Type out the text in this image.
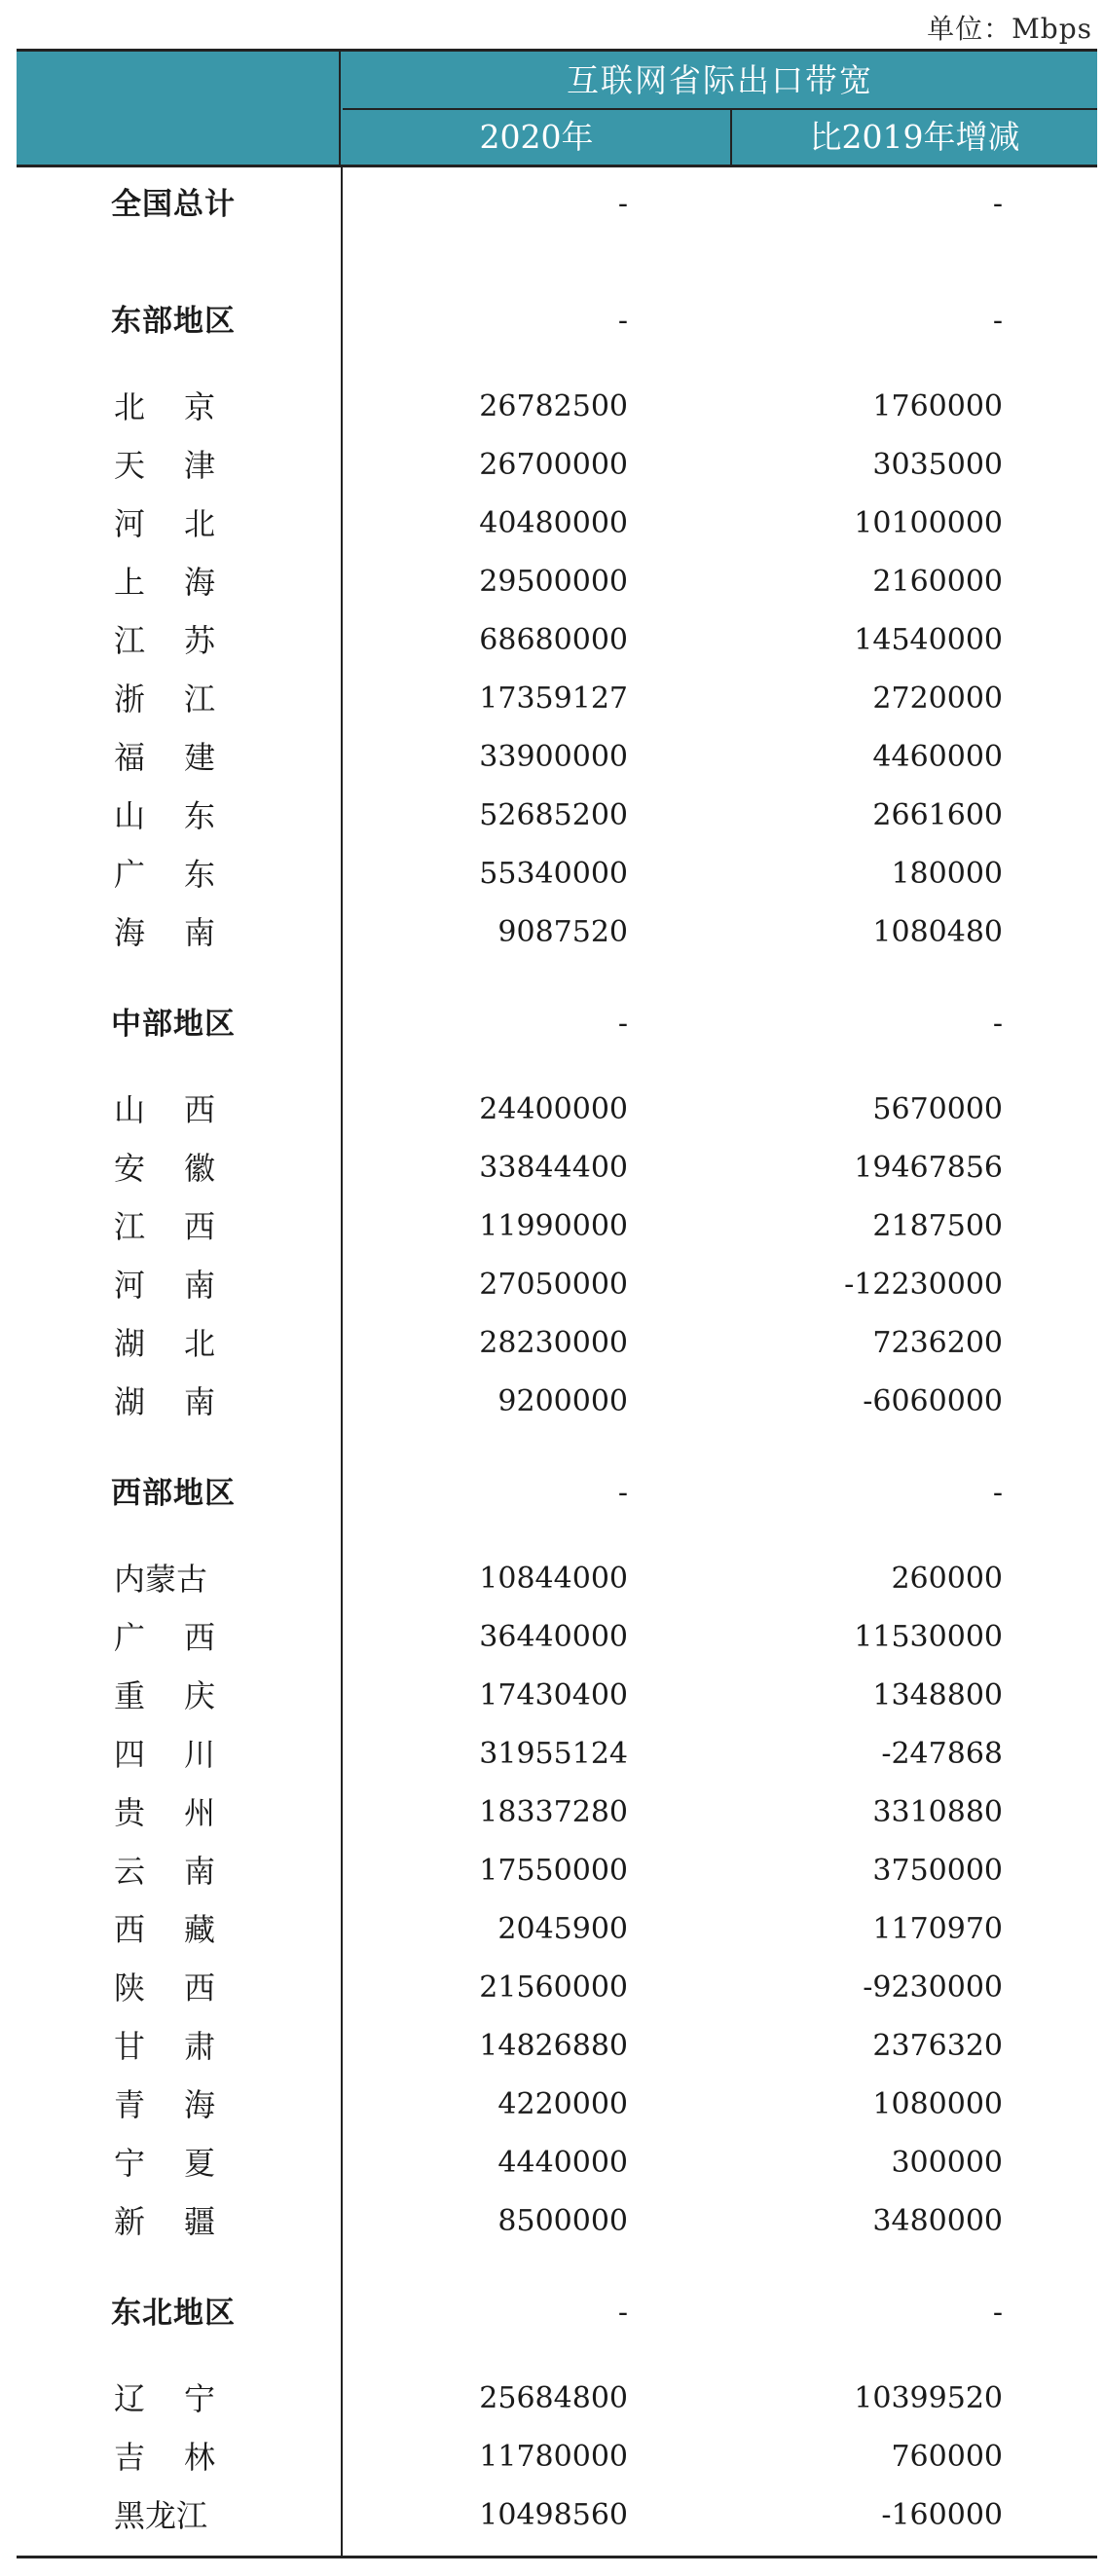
单位：Mbps
互联网省际出口带宽
2020年	比2019年增减
全国总计	-	-
东部地区	-	-
北 京	26782500	1760000
天 津	26700000	3035000
河 北	40480000	10100000
上 海	29500000	2160000
江 苏	68680000	14540000
浙 江	17359127	2720000
福 建	33900000	4460000
山 东	52685200	2661600
广 东	55340000	180000
海 南	9087520	1080480
中部地区	-	-
山 西	24400000	5670000
安 徽	33844400	19467856
江 西	11990000	2187500
河 南	27050000	-12230000
湖 北	28230000	7236200
湖 南	9200000	-6060000
西部地区	-	-
内蒙古	10844000	260000
广 西	36440000	11530000
重 庆	17430400	1348800
四 川	31955124	-247868
贵 州	18337280	3310880
云 南	17550000	3750000
西 藏	2045900	1170970
陕 西	21560000	-9230000
甘 肃	14826880	2376320
青 海	4220000	1080000
宁 夏	4440000	300000
新 疆	8500000	3480000
东北地区	-	-
辽 宁	25684800	10399520
吉 林	11780000	760000
黑龙江	10498560	-160000
